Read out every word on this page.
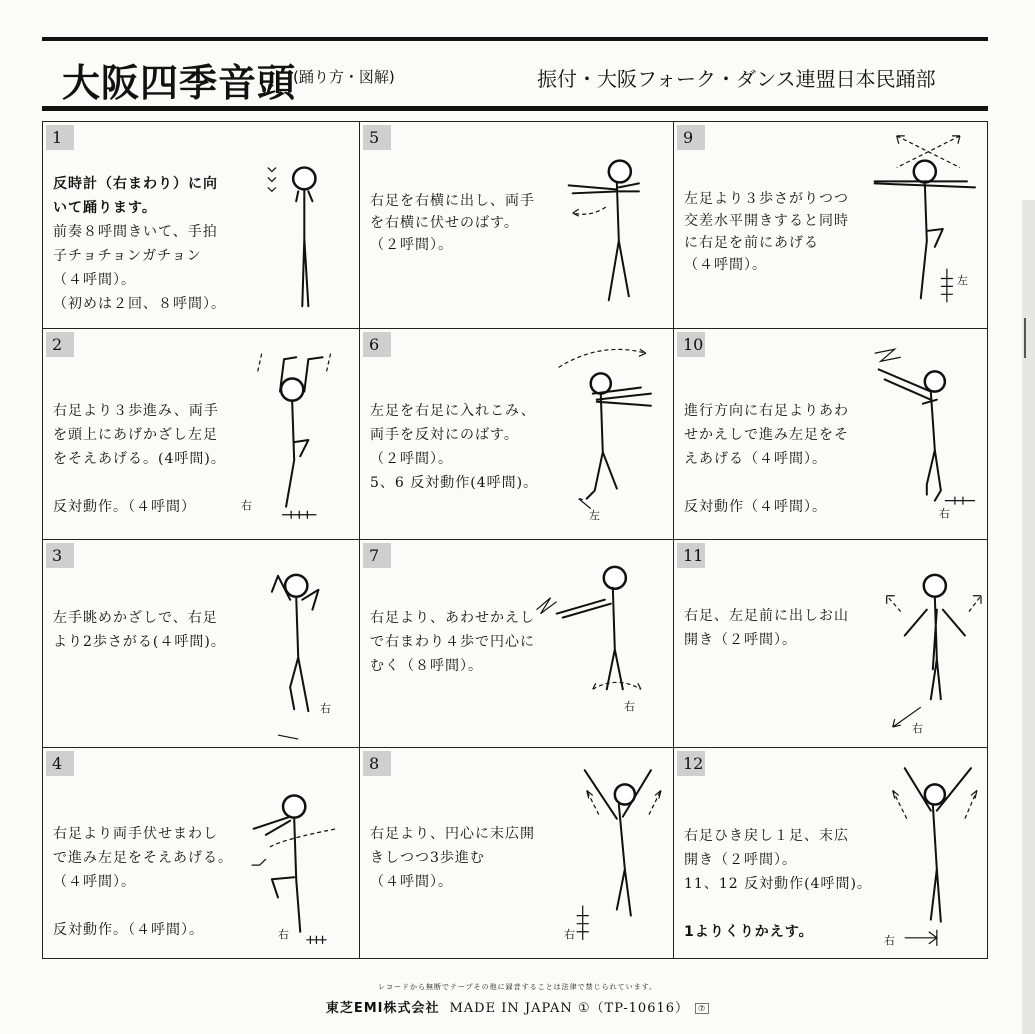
大阪四季音頭
(踊り方・図解)	振付・大阪フォーク・ダンス連盟日本民踊部
1
反時計（右まわり）に向
いて踊ります。
前奏８呼間きいて、手拍
子チョチョンガチョン
（４呼間）。
（初めは２回、８呼間）。
5
右足を右横に出し、両手
を右横に伏せのばす。
（２呼間）。
9
左足より３歩さがりつつ
交差水平開きすると同時
に右足を前にあげる
（４呼間）。
左
2
右足より３歩進み、両手
を頭上にあげかざし左足
をそえあげる。(4呼間)。
反対動作。（４呼間）	右
6
左足を右足に入れこみ、
両手を反対にのばす。
（２呼間）。
5、6 反対動作(4呼間)。
左
10
進行方向に右足よりあわ
せかえしで進み左足をそ
えあげる（４呼間）。
反対動作（４呼間）。	右
3
左手眺めかざしで、右足
より2歩さがる(４呼間)。
右
7
右足より、あわせかえし
で右まわり４歩で円心に
むく（８呼間）。
右
11
右足、左足前に出しお山
開き（２呼間）。
右
4
右足より両手伏せまわし
で進み左足をそえあげる。
（４呼間）。
反対動作。（４呼間）。	右
8
右足より、円心に末広開
きしつつ3歩進む
（４呼間）。
右
12
右足ひき戻し１足、末広
開き（２呼間）。
11、12 反対動作(4呼間)。
1よりくりかえす。
右
レコードから無断でテープその他に録音することは法律で禁じられています。
東芝EMI株式会社 MADE IN JAPAN ①（TP-10616） ⑦
